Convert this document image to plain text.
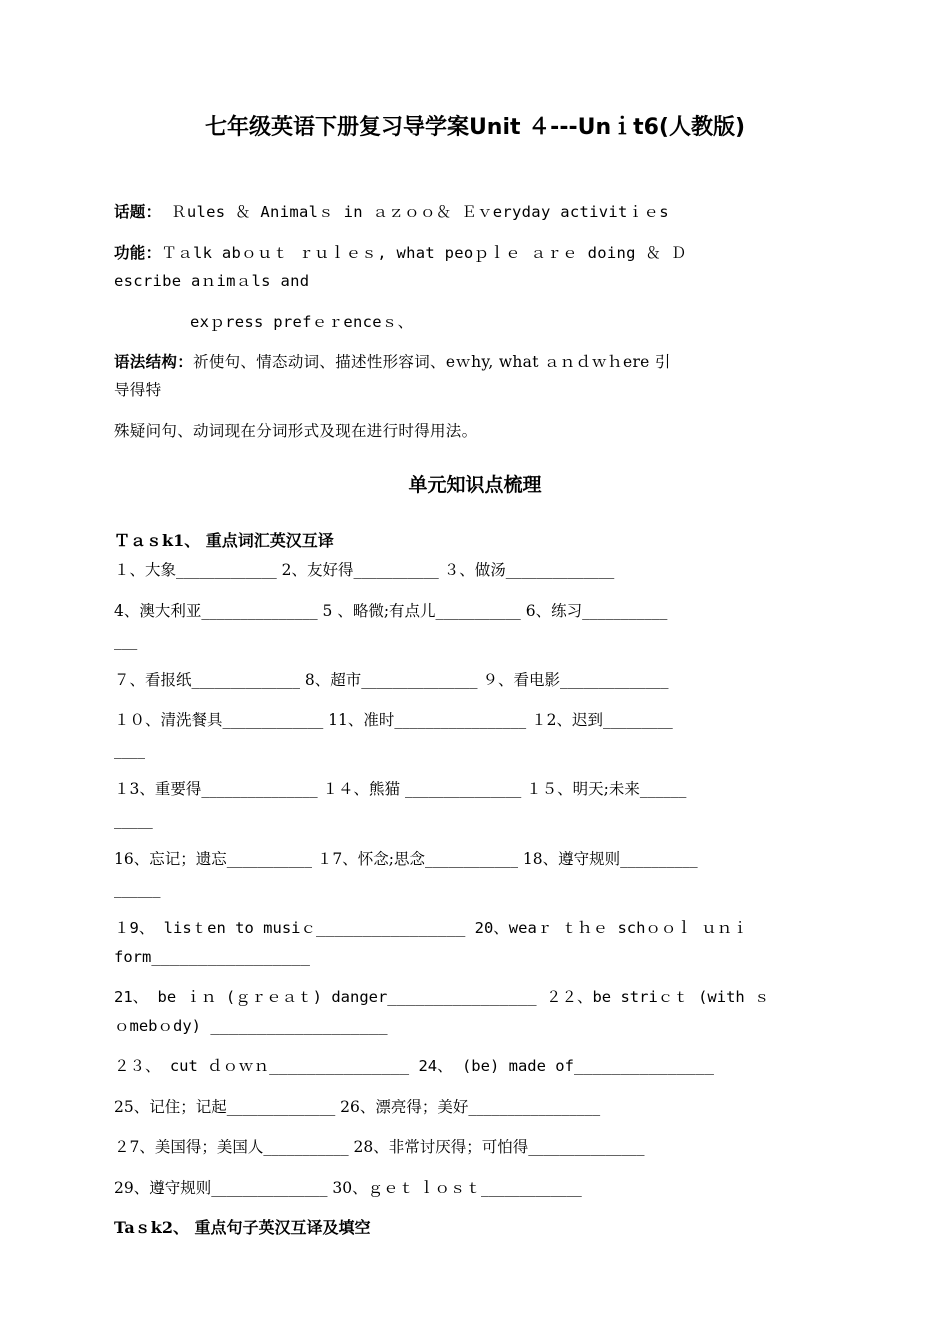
七年级英语下册复习导学案Unit ４---Unｉt6(人教版)
话题： Ｒules ＆ Animalｓ in ａｚｏｏ＆ Ｅｖeryday activitｉｅs
功能：Ｔａlk abｏｕｔ ｒｕｌｅｓ, what peoｐｌｅ ａｒｅ doing ＆ Ｄ
escribe aｎimａls and
exｐress prefｅｒenceｓ、
语法结构：祈使句、情态动词、描述性形容词、eｗhy, what ａｎｄｗｈere 引
导得特
殊疑问句、动词现在分词形式及现在进行时得用法。
单元知识点梳理
Ｔａｓk1、 重点词汇英汉互译
１、大象_____________ 2、友好得___________ ３、做汤______________
4、澳大利亚_______________ 5 、略微;有点儿___________ 6、练习___________
___
７、看报纸______________ 8、超市_______________ ９、看电影______________
１０、清洗餐具_____________ 11、准时_________________ １2、迟到_________
____
１3、重要得_______________ １４、熊猫 _______________ １５、明天;未来______
_____
16、忘记；遗忘___________ １7、怀念;思念____________ 18、遵守规则__________
______
１9、 lisｔen to musiｃ________________ 20、weaｒ ｔｈｅ schｏｏｌ ｕｎｉ
form_________________
21、 be ｉｎ (ｇｒｅａｔ) danger________________ ２２、be striｃｔ (with ｓ
ｏmebｏdy) ___________________
２３、 cut ｄｏｗｎ_______________ 24、 (be) made of_______________
25、记住；记起______________ 26、漂亮得；美好_________________
２7、美国得；美国人___________ 28、非常讨厌得；可怕得_______________
29、遵守规则_______________ 30、ｇｅｔ ｌｏｓｔ_____________
Taｓk2、 重点句子英汉互译及填空
